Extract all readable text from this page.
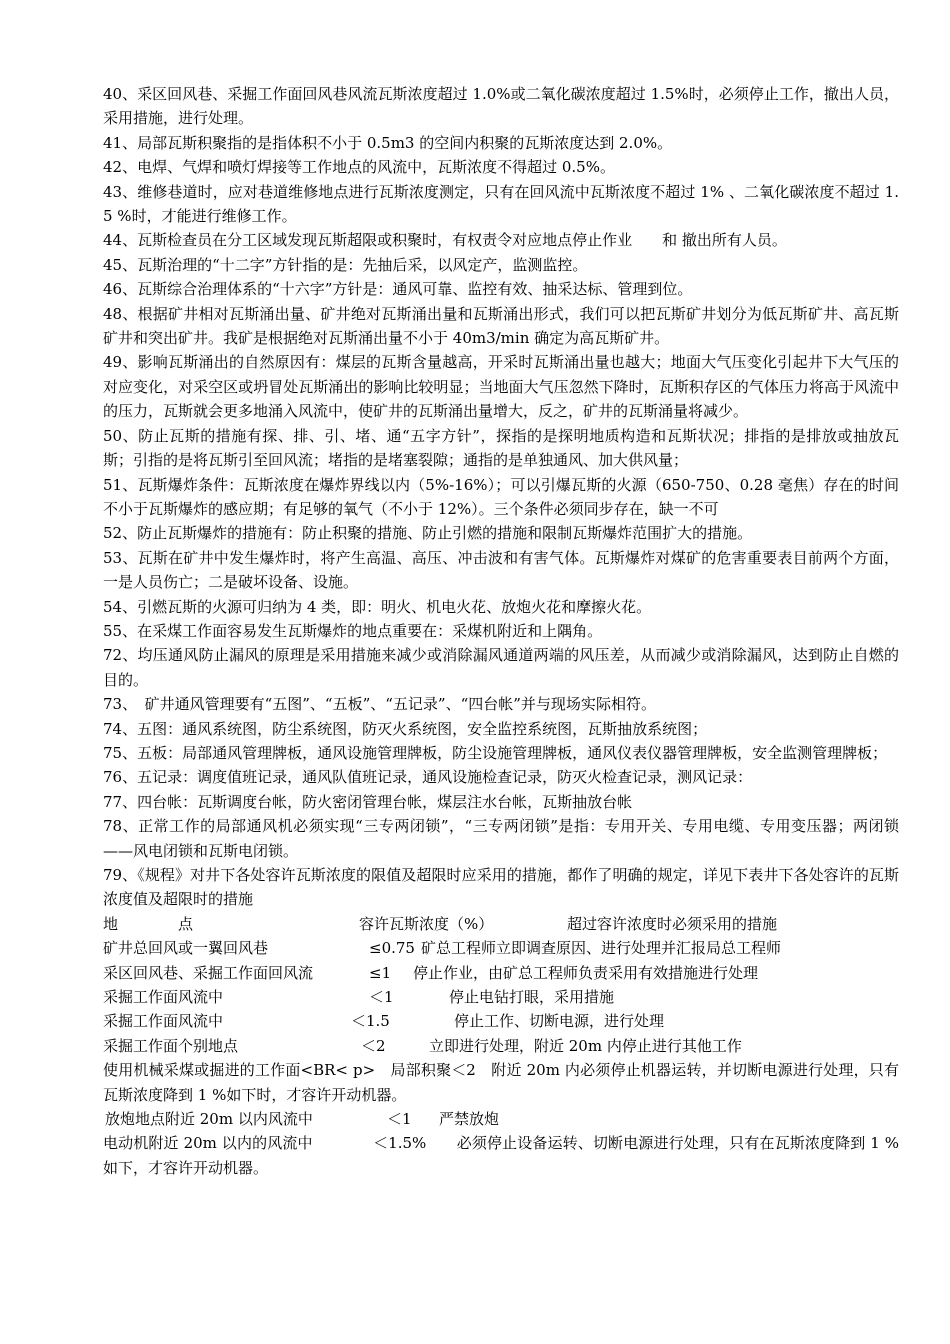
40、采区回风巷、采掘工作面回风巷风流瓦斯浓度超过 1.0%或二氧化碳浓度超过 1.5%时，必须停止工作，撤出人员，采用措施，进行处理。

41、局部瓦斯积聚指的是指体积不小于 0.5m3 的空间内积聚的瓦斯浓度达到 2.0%。

42、电焊、气焊和喷灯焊接等工作地点的风流中，瓦斯浓度不得超过 0.5%。

43、维修巷道时，应对巷道维修地点进行瓦斯浓度测定，只有在回风流中瓦斯浓度不超过 1% 、二氧化碳浓度不超过 1.5 %时，才能进行维修工作。

44、瓦斯检查员在分工区域发现瓦斯超限或积聚时，有权责令对应地点停止作业　　和 撤出所有人员。

45、瓦斯治理的“十二字”方针指的是：先抽后采，以风定产，监测监控。

46、瓦斯综合治理体系的“十六字”方针是：通风可靠、监控有效、抽采达标、管理到位。

48、根据矿井相对瓦斯涌出量、矿井绝对瓦斯涌出量和瓦斯涌出形式，我们可以把瓦斯矿井划分为低瓦斯矿井、高瓦斯矿井和突出矿井。我矿是根据绝对瓦斯涌出量不小于 40m3/min 确定为高瓦斯矿井。

49、影响瓦斯涌出的自然原因有：煤层的瓦斯含量越高，开采时瓦斯涌出量也越大；地面大气压变化引起井下大气压的对应变化，对采空区或坍冒处瓦斯涌出的影响比较明显；当地面大气压忽然下降时，瓦斯积存区的气体压力将高于风流中的压力，瓦斯就会更多地涌入风流中，使矿井的瓦斯涌出量增大，反之，矿井的瓦斯涌量将减少。

50、防止瓦斯的措施有探、排、引、堵、通“五字方针”，探指的是探明地质构造和瓦斯状况；排指的是排放或抽放瓦斯；引指的是将瓦斯引至回风流；堵指的是堵塞裂隙；通指的是单独通风、加大供风量；

51、瓦斯爆炸条件：瓦斯浓度在爆炸界线以内（5%-16%）；可以引爆瓦斯的火源（650-750、0.28 毫焦）存在的时间不小于瓦斯爆炸的感应期；有足够的氧气（不小于 12%）。三个条件必须同步存在，缺一不可

52、防止瓦斯爆炸的措施有：防止积聚的措施、防止引燃的措施和限制瓦斯爆炸范围扩大的措施。

53、瓦斯在矿井中发生爆炸时，将产生高温、高压、冲击波和有害气体。瓦斯爆炸对煤矿的危害重要表目前两个方面，一是人员伤亡；二是破坏设备、设施。

54、引燃瓦斯的火源可归纳为 4 类，即：明火、机电火花、放炮火花和摩擦火花。

55、在采煤工作面容易发生瓦斯爆炸的地点重要在：采煤机附近和上隅角。

72、均压通风防止漏风的原理是采用措施来减少或消除漏风通道两端的风压差，从而减少或消除漏风，达到防止自燃的目的。

73、　矿井通风管理要有“五图”、“五板”、“五记录”、“四台帐”并与现场实际相符。

74、五图：通风系统图，防尘系统图，防灭火系统图，安全监控系统图，瓦斯抽放系统图；

75、五板：局部通风管理牌板，通风设施管理牌板，防尘设施管理牌板，通风仪表仪器管理牌板，安全监测管理牌板；

76、五记录：调度值班记录，通风队值班记录，通风设施检查记录，防灭火检查记录，测风记录：

77、四台帐：瓦斯调度台帐，防火密闭管理台帐，煤层注水台帐，瓦斯抽放台帐

78、正常工作的局部通风机必须实现“三专两闭锁”，“三专两闭锁”是指：专用开关、专用电缆、专用变压器；两闭锁——风电闭锁和瓦斯电闭锁。

79、《规程》对井下各处容许瓦斯浓度的限值及超限时应采用的措施，都作了明确的规定，详见下表井下各处容许的瓦斯浓度值及超限时的措施

地	点	容许瓦斯浓度（%）	超过容许浓度时必须采用的措施
矿井总回风或一翼回风巷	≤0.75 矿总工程师立即调查原因、进行处理并汇报局总工程师
采区回风巷、采掘工作面回风流	≤1 停止作业，由矿总工程师负责采用有效措施进行处理
采掘工作面风流中	＜1	停止电钻打眼，采用措施
采掘工作面风流中	＜1.5	停止工作、切断电源，进行处理
采掘工作面个别地点	＜2	立即进行处理，附近 20m 内停止进行其他工作

使用机械采煤或掘进的工作面<BR< p>　局部积聚＜2　附近 20m 内必须停止机器运转，并切断电源进行处理，只有瓦斯浓度降到 1 %如下时，才容许开动机器。

放炮地点附近 20m 以内风流中	＜1 严禁放炮

电动机附近 20m 以内的风流中　　　　＜1.5%　　必须停止设备运转、切断电源进行处理，只有在瓦斯浓度降到 1 %如下，才容许开动机器。
